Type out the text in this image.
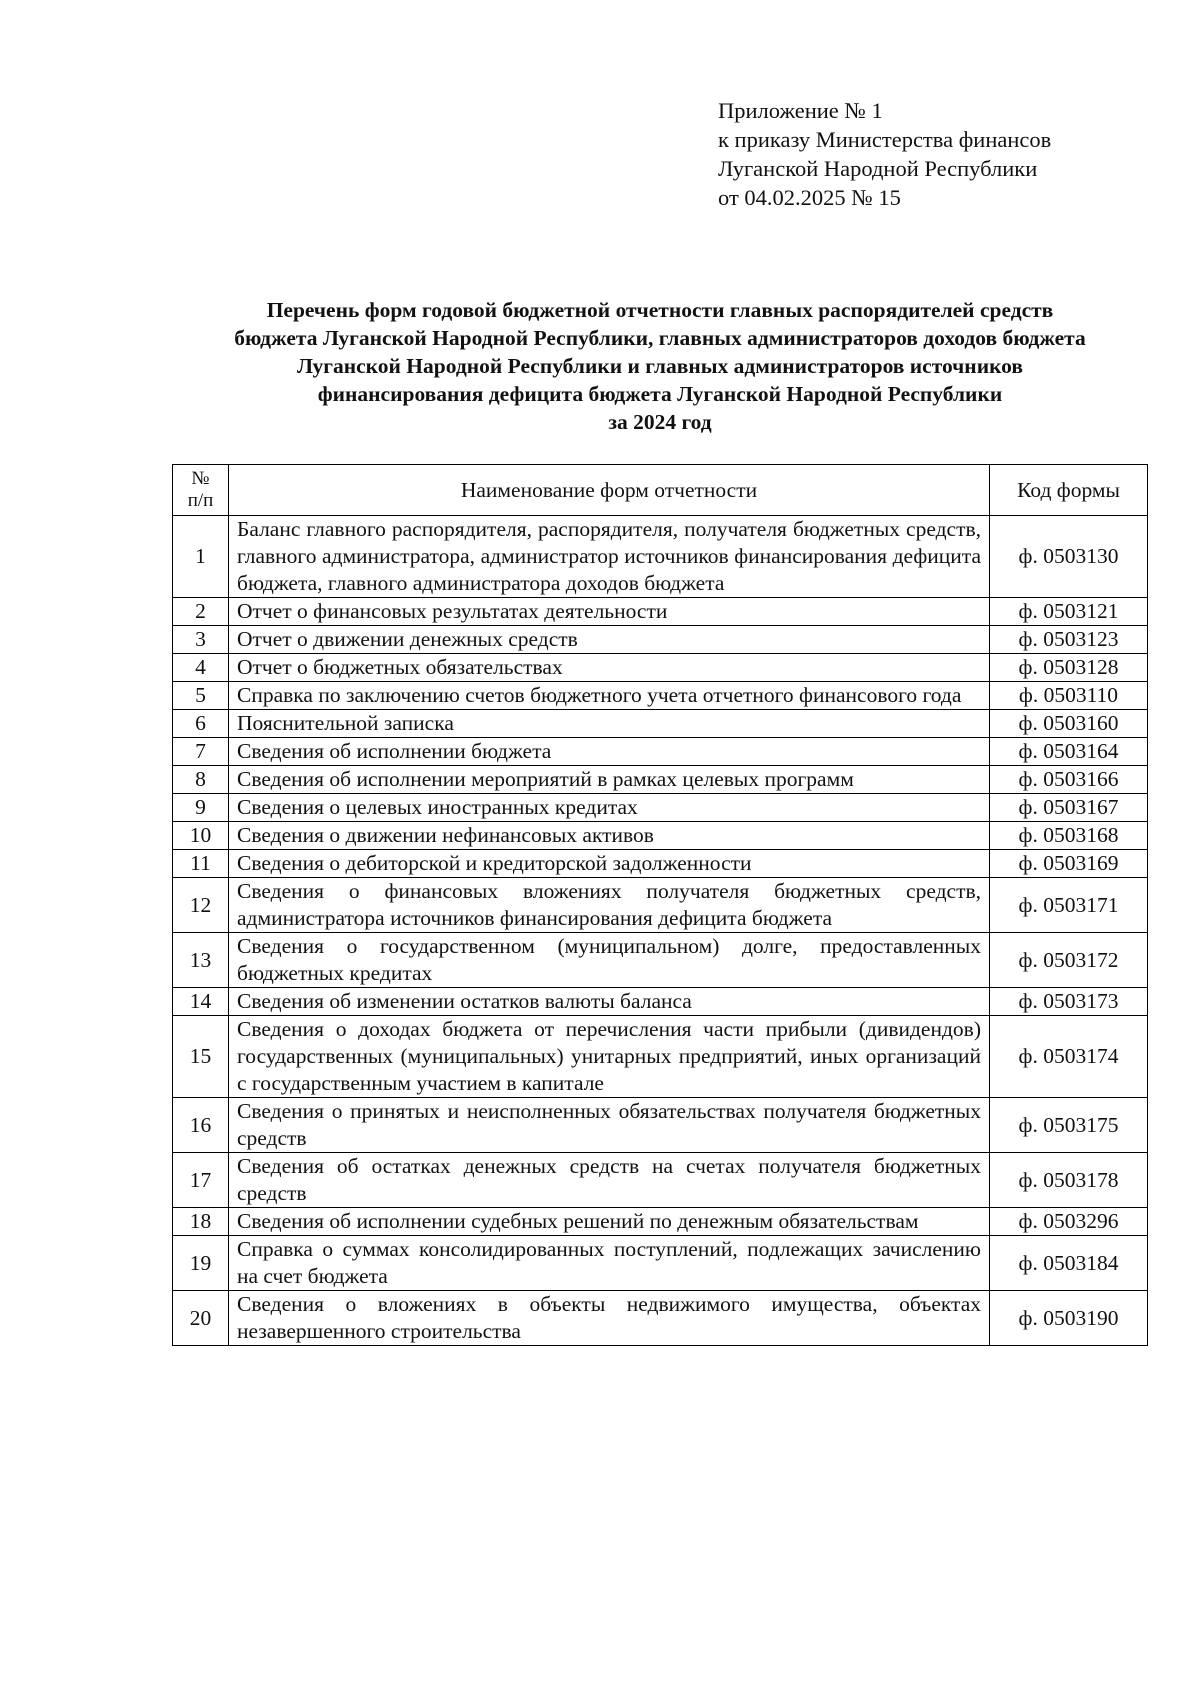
Приложение № 1
к приказу Министерства финансов
Луганской Народной Республики
от 04.02.2025 № 15
Перечень форм годовой бюджетной отчетности главных распорядителей средств
бюджета Луганской Народной Республики, главных администраторов доходов бюджета
Луганской Народной Республики и главных администраторов источников
финансирования дефицита бюджета Луганской Народной Республики
за 2024 год
№
п/п	Наименование форм отчетности	Код формы
1	Баланс главного распорядителя, распорядителя, получателя бюджетных средств, главного администратора, администратор источников финансирования дефицита бюджета, главного администратора доходов бюджета	ф. 0503130
2	Отчет о финансовых результатах деятельности	ф. 0503121
3	Отчет о движении денежных средств	ф. 0503123
4	Отчет о бюджетных обязательствах	ф. 0503128
5	Справка по заключению счетов бюджетного учета отчетного финансового года	ф. 0503110
6	Пояснительной записка	ф. 0503160
7	Сведения об исполнении бюджета	ф. 0503164
8	Сведения об исполнении мероприятий в рамках целевых программ	ф. 0503166
9	Сведения о целевых иностранных кредитах	ф. 0503167
10	Сведения о движении нефинансовых активов	ф. 0503168
11	Сведения о дебиторской и кредиторской задолженности	ф. 0503169
12	Сведения о финансовых вложениях получателя бюджетных средств, администратора источников финансирования дефицита бюджета	ф. 0503171
13	Сведения о государственном (муниципальном) долге, предоставленных бюджетных кредитах	ф. 0503172
14	Сведения об изменении остатков валюты баланса	ф. 0503173
15	Сведения о доходах бюджета от перечисления части прибыли (дивидендов) государственных (муниципальных) унитарных предприятий, иных организаций с государственным участием в капитале	ф. 0503174
16	Сведения о принятых и неисполненных обязательствах получателя бюджетных средств	ф. 0503175
17	Сведения об остатках денежных средств на счетах получателя бюджетных средств	ф. 0503178
18	Сведения об исполнении судебных решений по денежным обязательствам	ф. 0503296
19	Справка о суммах консолидированных поступлений, подлежащих зачислению на счет бюджета	ф. 0503184
20	Сведения о вложениях в объекты недвижимого имущества, объектах незавершенного строительства	ф. 0503190
